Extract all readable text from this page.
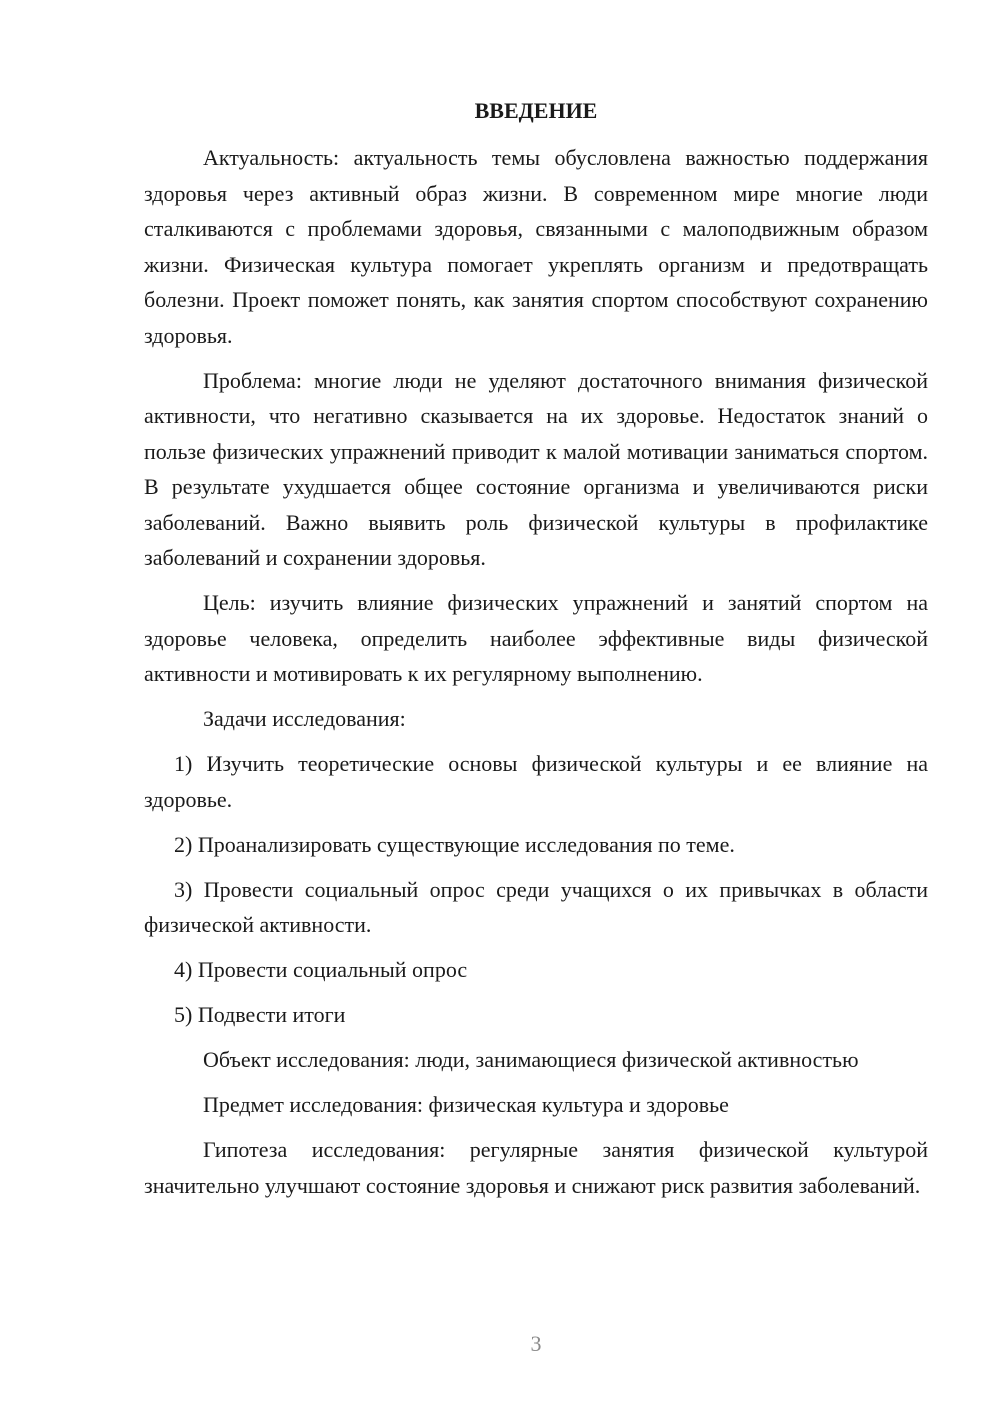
ВВЕДЕНИЕ

Актуальность: актуальность темы обусловлена важностью поддержания здоровья через активный образ жизни. В современном мире многие люди сталкиваются с проблемами здоровья, связанными с малоподвижным образом жизни. Физическая культура помогает укреплять организм и предотвращать болезни. Проект поможет понять, как занятия спортом способствуют сохранению здоровья.

Проблема: многие люди не уделяют достаточного внимания физической активности, что негативно сказывается на их здоровье. Недостаток знаний о пользе физических упражнений приводит к малой мотивации заниматься спортом. В результате ухудшается общее состояние организма и увеличиваются риски заболеваний. Важно выявить роль физической культуры в профилактике заболеваний и сохранении здоровья.

Цель: изучить влияние физических упражнений и занятий спортом на здоровье человека, определить наиболее эффективные виды физической активности и мотивировать к их регулярному выполнению.

Задачи исследования:

1) Изучить теоретические основы физической культуры и ее влияние на здоровье.

2) Проанализировать существующие исследования по теме.

3) Провести социальный опрос среди учащихся о их привычках в области физической активности.

4) Провести социальный опрос

5) Подвести итоги

Объект исследования: люди, занимающиеся физической активностью

Предмет исследования: физическая культура и здоровье

Гипотеза исследования: регулярные занятия физической культурой значительно улучшают состояние здоровья и снижают риск развития заболеваний.

3
